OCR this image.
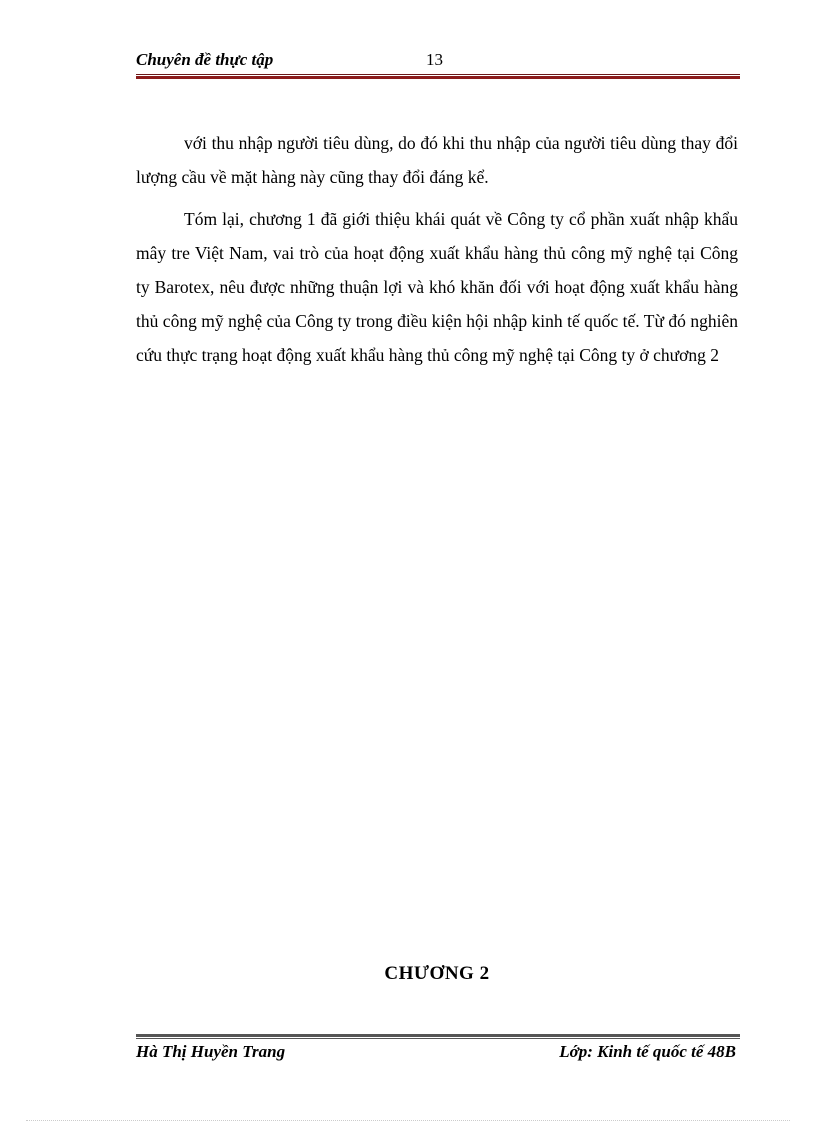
Chuyên đề thực tập	13

với thu nhập người tiêu dùng, do đó khi thu nhập của người tiêu dùng thay đổi lượng cầu về mặt hàng này cũng thay đổi đáng kể.

Tóm lại, chương 1 đã giới thiệu khái quát về Công ty cổ phần xuất nhập khẩu mây tre Việt Nam, vai trò của hoạt động xuất khẩu hàng thủ công mỹ nghệ tại Công ty Barotex, nêu được những thuận lợi và khó khăn đối với hoạt động xuất khẩu hàng thủ công mỹ nghệ của Công ty trong điều kiện hội nhập kinh tế quốc tế. Từ đó nghiên cứu thực trạng hoạt động xuất khẩu hàng thủ công mỹ nghệ tại Công ty ở chương 2

CHƯƠNG 2
Hà Thị Huyền Trang	Lớp: Kinh tế quốc tế 48B
